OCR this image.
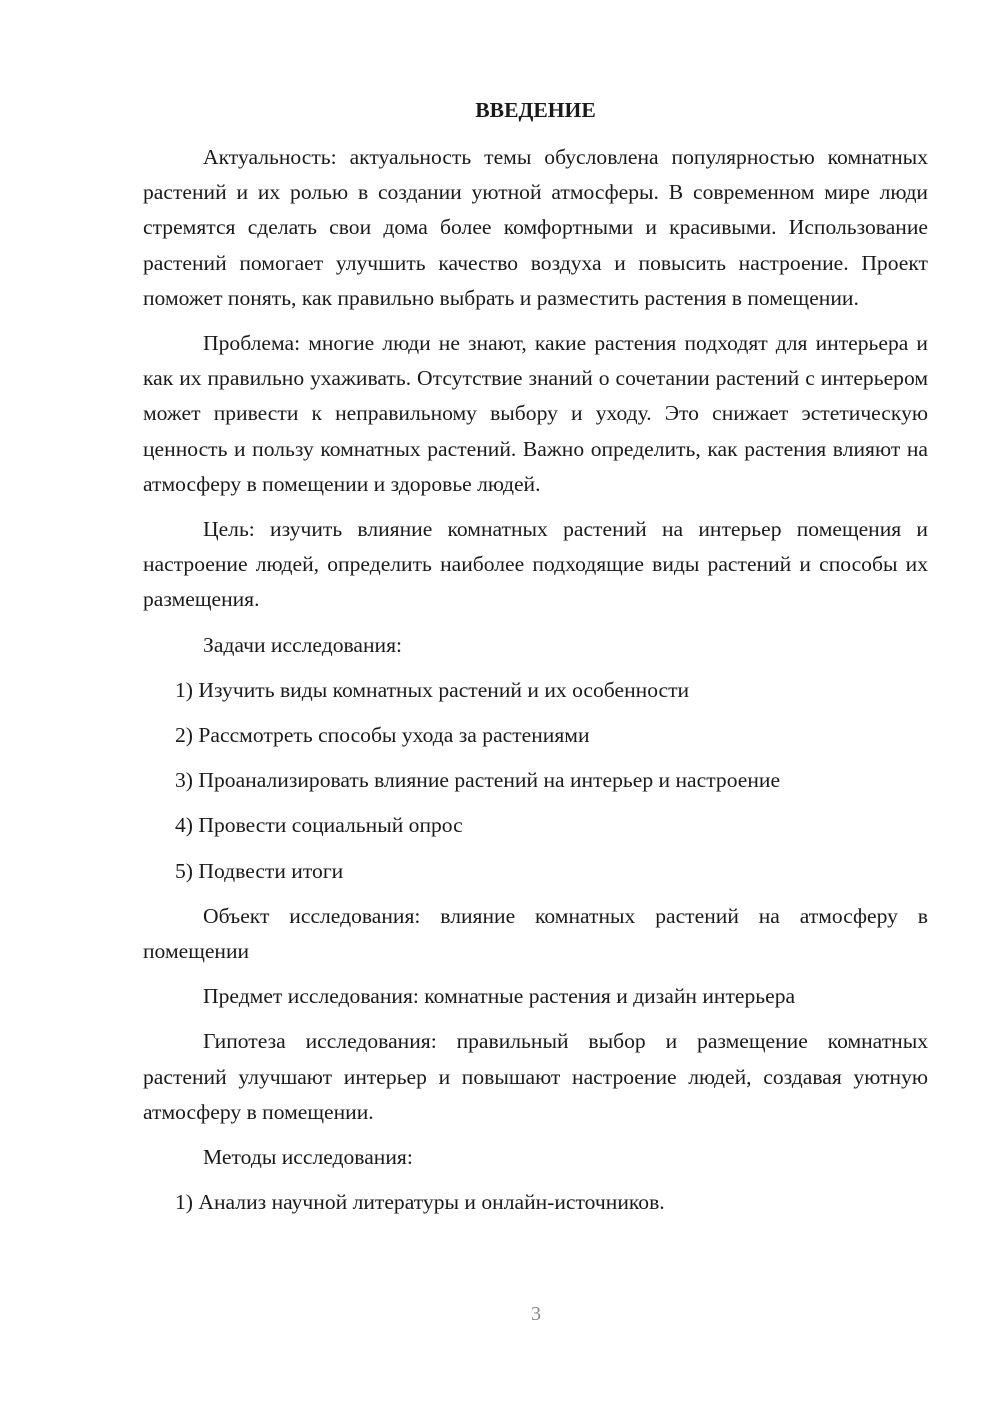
ВВЕДЕНИЕ

Актуальность: актуальность темы обусловлена популярностью комнатных растений и их ролью в создании уютной атмосферы. В современном мире люди стремятся сделать свои дома более комфортными и красивыми. Использование растений помогает улучшить качество воздуха и повысить настроение. Проект поможет понять, как правильно выбрать и разместить растения в помещении.

Проблема: многие люди не знают, какие растения подходят для интерьера и как их правильно ухаживать. Отсутствие знаний о сочетании растений с интерьером может привести к неправильному выбору и уходу. Это снижает эстетическую ценность и пользу комнатных растений. Важно определить, как растения влияют на атмосферу в помещении и здоровье людей.

Цель: изучить влияние комнатных растений на интерьер помещения и настроение людей, определить наиболее подходящие виды растений и способы их размещения.

Задачи исследования:

1) Изучить виды комнатных растений и их особенности

2) Рассмотреть способы ухода за растениями

3) Проанализировать влияние растений на интерьер и настроение

4) Провести социальный опрос

5) Подвести итоги

Объект исследования: влияние комнатных растений на атмосферу в помещении

Предмет исследования: комнатные растения и дизайн интерьера

Гипотеза исследования: правильный выбор и размещение комнатных растений улучшают интерьер и повышают настроение людей, создавая уютную атмосферу в помещении.

Методы исследования:

1) Анализ научной литературы и онлайн-источников.

3
